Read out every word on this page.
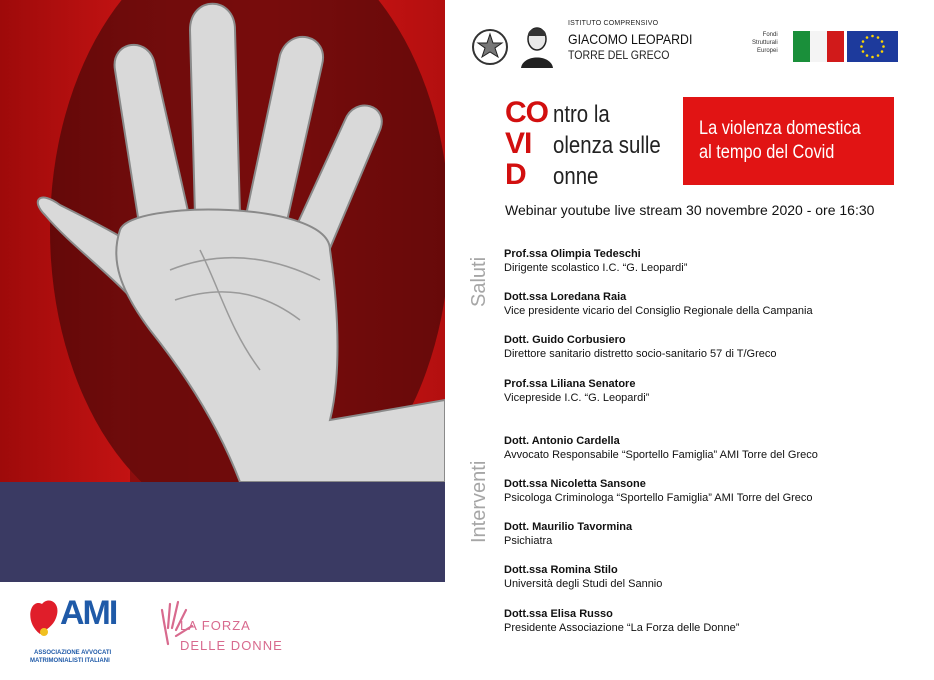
ISTITUTO COMPRENSIVO
GIACOMO LEOPARDI
TORRE DEL GRECO
Fondi
Strutturali
Europei
CO ntro la
VI olenza sulle
D	onne
La violenza domestica
al tempo del Covid
Webinar youtube live stream 30 novembre 2020 - ore 16:30
Saluti
Interventi
Prof.ssa Olimpia Tedeschi
Dirigente scolastico I.C. “G. Leopardi”
Dott.ssa Loredana Raia
Vice presidente vicario del Consiglio Regionale della Campania
Dott. Guido Corbusiero
Direttore sanitario distretto socio-sanitario 57 di T/Greco
Prof.ssa Liliana Senatore
Vicepreside I.C. “G. Leopardi”
Dott. Antonio Cardella
Avvocato Responsabile “Sportello Famiglia” AMI Torre del Greco
Dott.ssa Nicoletta Sansone
Psicologa Criminologa “Sportello Famiglia” AMI Torre del Greco
Dott. Maurilio Tavormina
Psichiatra
Dott.ssa Romina Stilo
Università degli Studi del Sannio
Dott.ssa Elisa Russo
Presidente Associazione “La Forza delle Donne”
AMI
ASSOCIAZIONE AVVOCATI
MATRIMONIALISTI ITALIANI
LA FORZA
DELLE DONNE
